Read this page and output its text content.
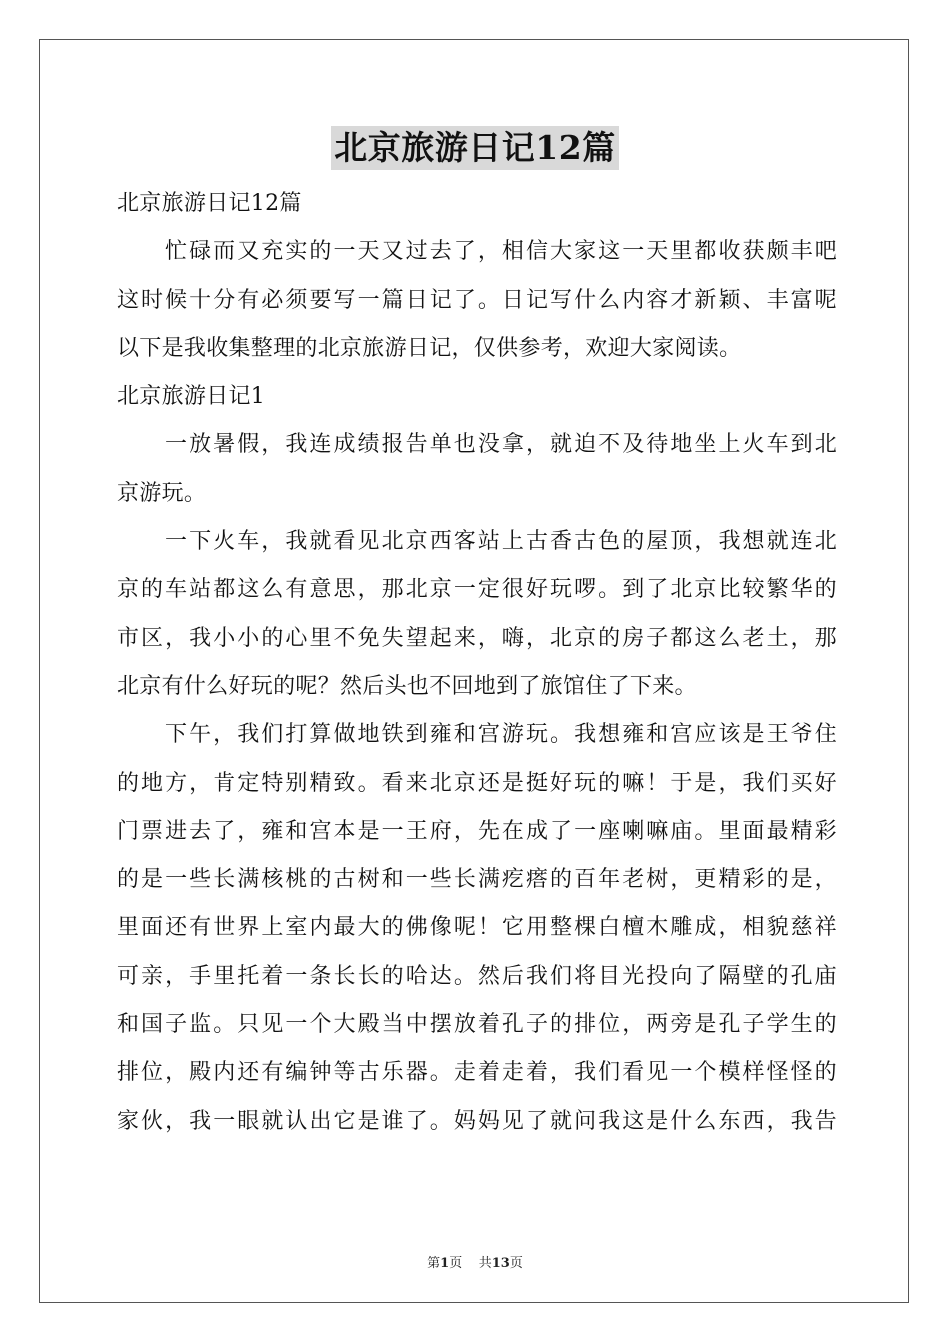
北京旅游日记12篇
北京旅游日记12篇
忙碌而又充实的一天又过去了，相信大家这一天里都收获颇丰吧
这时候十分有必须要写一篇日记了。日记写什么内容才新颖、丰富呢
以下是我收集整理的北京旅游日记，仅供参考，欢迎大家阅读。
北京旅游日记1
一放暑假，我连成绩报告单也没拿，就迫不及待地坐上火车到北
京游玩。
一下火车，我就看见北京西客站上古香古色的屋顶，我想就连北
京的车站都这么有意思，那北京一定很好玩啰。到了北京比较繁华的
市区，我小小的心里不免失望起来，嗨，北京的房子都这么老土，那
北京有什么好玩的呢？然后头也不回地到了旅馆住了下来。
下午，我们打算做地铁到雍和宫游玩。我想雍和宫应该是王爷住
的地方，肯定特别精致。看来北京还是挺好玩的嘛！于是，我们买好
门票进去了，雍和宫本是一王府，先在成了一座喇嘛庙。里面最精彩
的是一些长满核桃的古树和一些长满疙瘩的百年老树，更精彩的是，
里面还有世界上室内最大的佛像呢！它用整棵白檀木雕成，相貌慈祥
可亲，手里托着一条长长的哈达。然后我们将目光投向了隔壁的孔庙
和国子监。只见一个大殿当中摆放着孔子的排位，两旁是孔子学生的
排位，殿内还有编钟等古乐器。走着走着，我们看见一个模样怪怪的
家伙，我一眼就认出它是谁了。妈妈见了就问我这是什么东西，我告
第1页 共13页
